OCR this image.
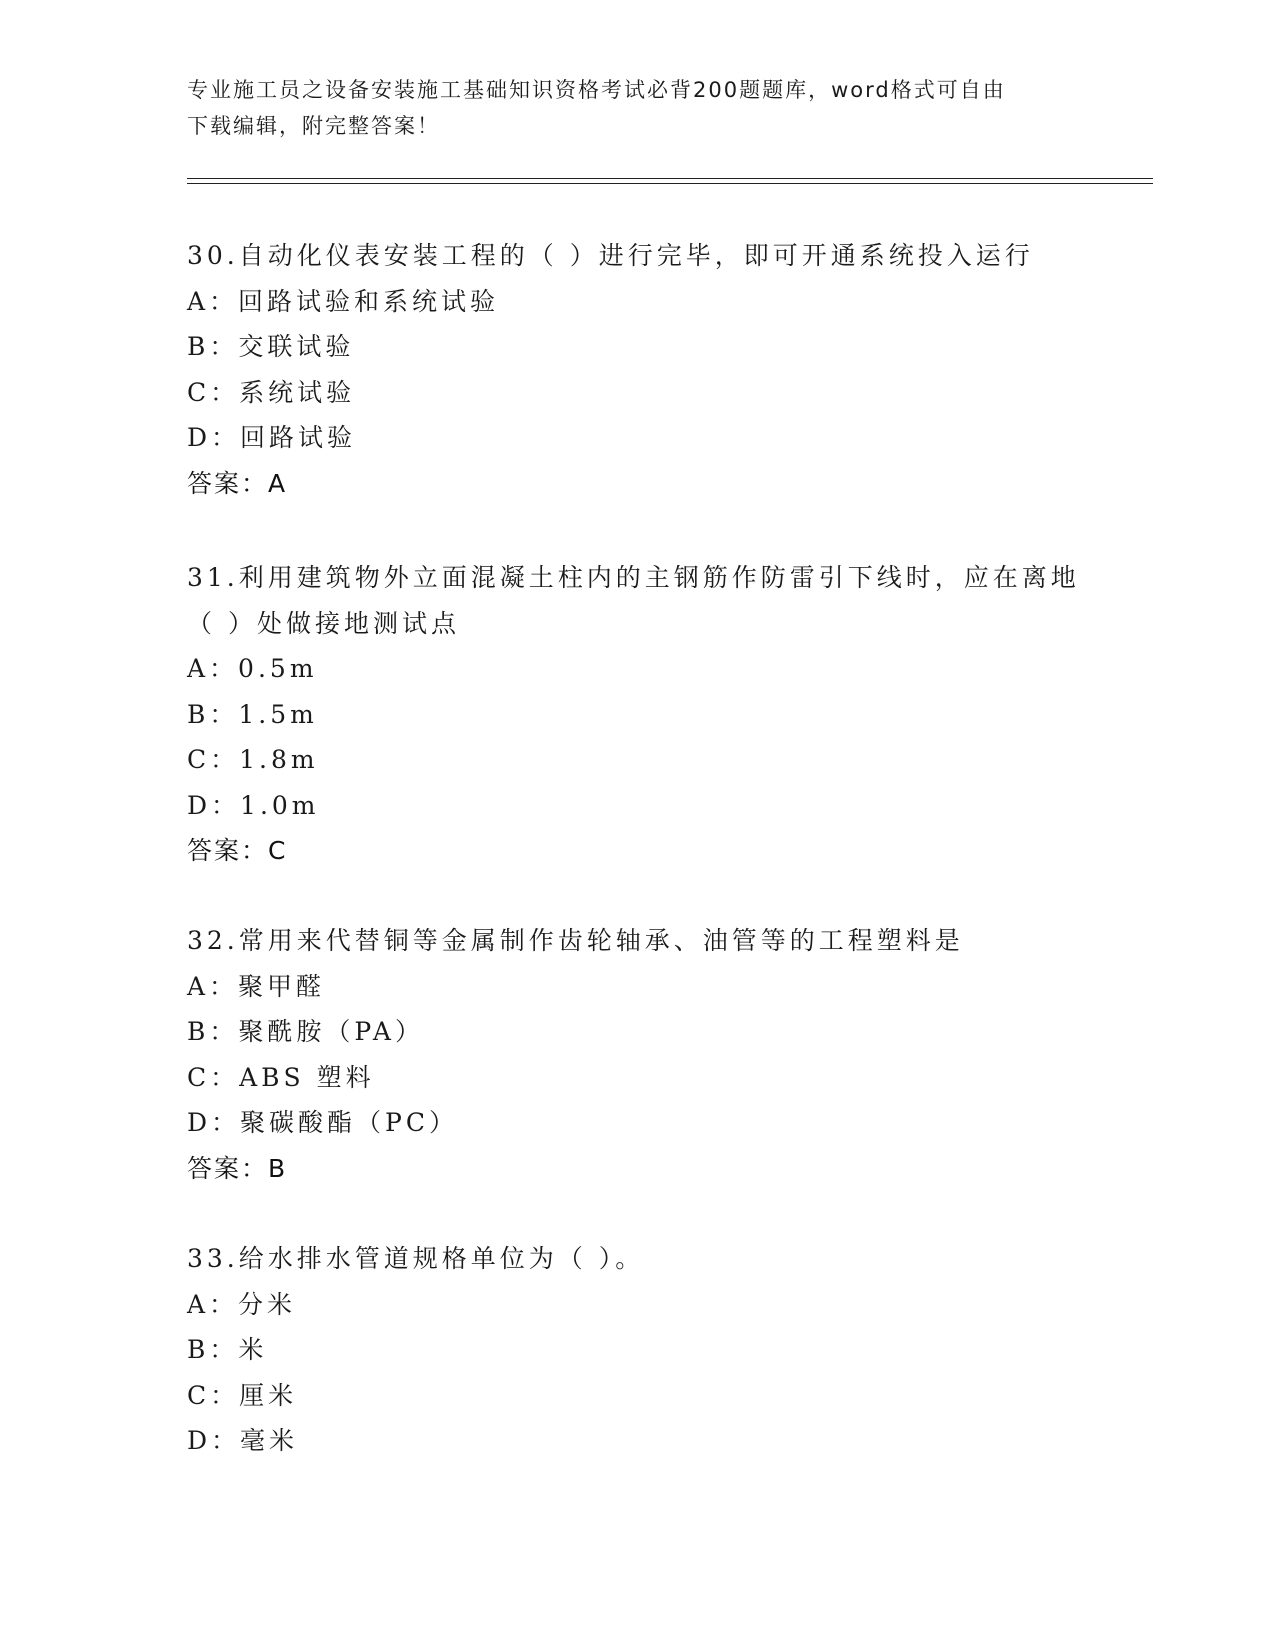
专业施工员之设备安装施工基础知识资格考试必背200题题库，word格式可自由
下载编辑，附完整答案！
30.自动化仪表安装工程的（ ）进行完毕，即可开通系统投入运行
A：回路试验和系统试验
B：交联试验
C：系统试验
D：回路试验
答案：A
31.利用建筑物外立面混凝土柱内的主钢筋作防雷引下线时，应在离地
（ ）处做接地测试点
A：0.5m
B：1.5m
C：1.8m
D：1.0m
答案：C
32.常用来代替铜等金属制作齿轮轴承、油管等的工程塑料是
A：聚甲醛
B：聚酰胺（PA）
C：ABS 塑料
D：聚碳酸酯（PC）
答案：B
33.给水排水管道规格单位为（ ）。
A：分米
B：米
C：厘米
D：毫米
